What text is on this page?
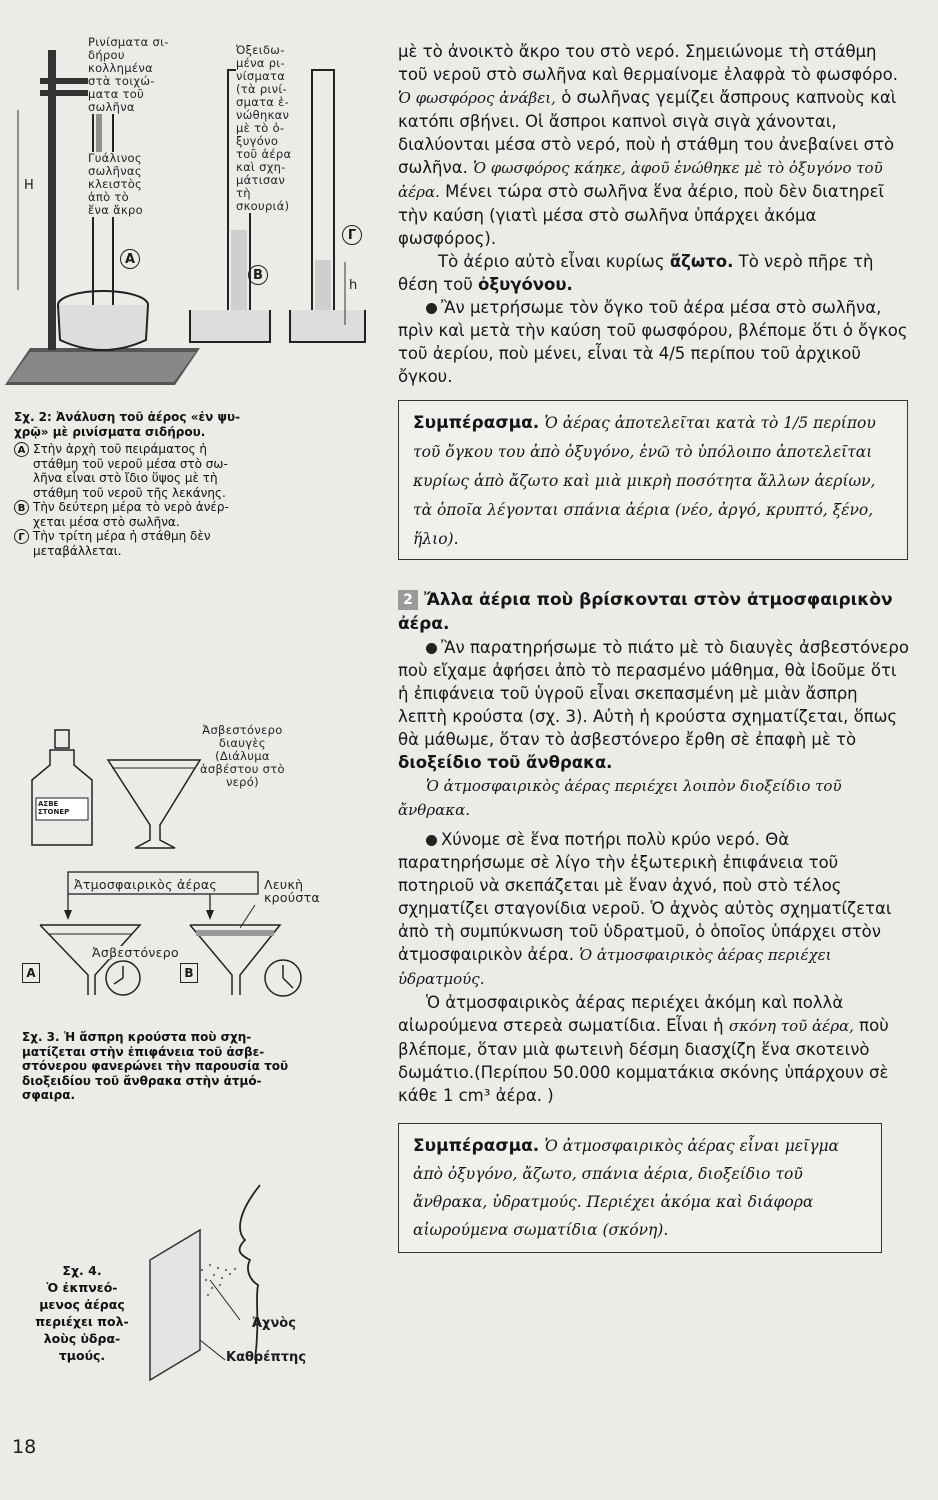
Ρινίσματα σι-
δήρου
κολλημένα
στὰ τοιχώ-
ματα τοῦ
σωλῆνα
Γυάλινος
σωλῆνας
κλειστὸς
ἀπὸ τὸ
ἕνα ἄκρο
Ὀξειδω-
μένα ρι-
νίσματα
(τὰ ρινί-
σματα ἑ-
νώθηκαν
μὲ τὸ ὀ-
ξυγόνο
τοῦ ἀέρα
καὶ σχη-
μάτισαν
τὴ
σκουριά)
H
h
Α
Β
Γ
Σχ. 2: Ἀνάλυση τοῦ ἀέρος «ἐν ψυ-
χρῷ» μὲ ρινίσματα σιδήρου.
Α Στὴν ἀρχὴ τοῦ πειράματος ἡ
στάθμη τοῦ νεροῦ μέσα στὸ σω-
λῆνα εἶναι στὸ ἴδιο ὕψος μὲ τὴ
στάθμη τοῦ νεροῦ τῆς λεκάνης.
Β Τὴν δεύτερη μέρα τὸ νερὸ ἀνέρ-
χεται μέσα στὸ σωλῆνα.
Γ Τὴν τρίτη μέρα ἡ στάθμη δὲν
μεταβάλλεται.
Ἀσβεστόνερο
διαυγὲς
(Διάλυμα
ἀσβέστου στὸ
νερό)
ΑΣΒΕ
ΣΤΟΝΕΡ
Ἀτμοσφαιρικὸς ἀέρας	Λευκὴ
κρούστα
Ἀσβεστόνερο
Α	Β
Σχ. 3. Ἡ ἄσπρη κρούστα ποὺ σχη-
ματίζεται στὴν ἐπιφάνεια τοῦ ἀσβε-
στόνερου φανερώνει τὴν παρουσία τοῦ
διοξειδίου τοῦ ἄνθρακα στὴν ἀτμό-
σφαιρα.
Ἀχνὸς
Καθρέπτης
Σχ. 4.
Ὁ ἐκπνεό-
μενος ἀέρας
περιέχει πολ-
λοὺς ὑδρα-
τμούς.
18

μὲ τὸ ἀνοικτὸ ἄκρο του στὸ νερό. Σημειώνομε τὴ στάθμη τοῦ νεροῦ στὸ σωλῆνα καὶ θερμαίνομε ἐλαφρὰ τὸ φωσφόρο. Ὁ φωσφόρος ἀνάβει, ὁ σωλῆνας γεμίζει ἄσπρους καπνοὺς καὶ κατόπι σβήνει. Οἱ ἄσπροι καπνοὶ σιγὰ σιγὰ χάνονται, διαλύονται μέσα στὸ νερό, ποὺ ἡ στάθμη του ἀνεβαίνει στὸ σωλῆνα. Ὁ φωσφόρος κάηκε, ἀφοῦ ἑνώθηκε μὲ τὸ ὀξυγόνο τοῦ ἀέρα. Μένει τώρα στὸ σωλῆνα ἕνα ἀέριο, ποὺ δὲν διατηρεῖ τὴν καύση (γιατὶ μέσα στὸ σωλῆνα ὑπάρχει ἀκόμα φωσφόρος).

Τὸ ἀέριο αὐτὸ εἶναι κυρίως ἄζωτο. Τὸ νερὸ πῆρε τὴ θέση τοῦ ὀξυγόνου.

Ἂν μετρήσωμε τὸν ὄγκο τοῦ ἀέρα μέσα στὸ σωλῆνα, πρὶν καὶ μετὰ τὴν καύση τοῦ φωσφόρου, βλέπομε ὅτι ὁ ὄγκος τοῦ ἀερίου, ποὺ μένει, εἶναι τὰ 4/5 περίπου τοῦ ἀρχικοῦ ὄγκου.

Συμπέρασμα. Ὁ ἀέρας ἀποτελεῖται κατὰ τὸ 1/5 περίπου τοῦ ὄγκου του ἀπὸ ὀξυγόνο, ἐνῶ τὸ ὑπόλοιπο ἀποτελεῖται κυρίως ἀπὸ ἄζωτο καὶ μιὰ μικρὴ ποσότητα ἄλλων ἀερίων, τὰ ὁποῖα λέγονται σπάνια ἀέρια (νέο, ἀργό, κρυπτό, ξένο, ἥλιο).

2 Ἄλλα ἀέρια ποὺ βρίσκονται στὸν ἀτμοσφαιρικὸν ἀέρα.

Ἂν παρατηρήσωμε τὸ πιάτο μὲ τὸ διαυγὲς ἀσβεστόνερο ποὺ εἴχαμε ἀφήσει ἀπὸ τὸ περασμένο μάθημα, θὰ ἰδοῦμε ὅτι ἡ ἐπιφάνεια τοῦ ὑγροῦ εἶναι σκεπασμένη μὲ μιὰν ἄσπρη λεπτὴ κρούστα (σχ. 3). Αὐτὴ ἡ κρούστα σχηματίζεται, ὅπως θὰ μάθωμε, ὅταν τὸ ἀσβεστόνερο ἔρθη σὲ ἐπαφὴ μὲ τὸ διοξείδιο τοῦ ἄνθρακα.

Ὁ ἀτμοσφαιρικὸς ἀέρας περιέχει λοιπὸν διοξείδιο τοῦ ἄνθρακα.

Χύνομε σὲ ἕνα ποτήρι πολὺ κρύο νερό. Θὰ παρατηρήσωμε σὲ λίγο τὴν ἐξωτερικὴ ἐπιφάνεια τοῦ ποτηριοῦ νὰ σκεπάζεται μὲ ἕναν ἀχνό, ποὺ στὸ τέλος σχηματίζει σταγονίδια νεροῦ. Ὁ ἀχνὸς αὐτὸς σχηματίζεται ἀπὸ τὴ συμπύκνωση τοῦ ὑδρατμοῦ, ὁ ὁποῖος ὑπάρχει στὸν ἀτμοσφαιρικὸν ἀέρα. Ὁ ἀτμοσφαιρικὸς ἀέρας περιέχει ὑδρατμούς.

Ὁ ἀτμοσφαιρικὸς ἀέρας περιέχει ἀκόμη καὶ πολλὰ αἰωρούμενα στερεὰ σωματίδια. Εἶναι ἡ σκόνη τοῦ ἀέρα, ποὺ βλέπομε, ὅταν μιὰ φωτεινὴ δέσμη διασχίζη ἕνα σκοτεινὸ δωμάτιο.(Περίπου 50.000 κομματάκια σκόνης ὑπάρχουν σὲ κάθε 1 cm³ ἀέρα. )

Συμπέρασμα. Ὁ ἀτμοσφαιρικὸς ἀέρας εἶναι μεῖγμα ἀπὸ ὀξυγόνο, ἄζωτο, σπάνια ἀέρια, διοξείδιο τοῦ ἄνθρακα, ὑδρατμούς. Περιέχει ἀκόμα καὶ διάφορα αἰωρούμενα σωματίδια (σκόνη).
